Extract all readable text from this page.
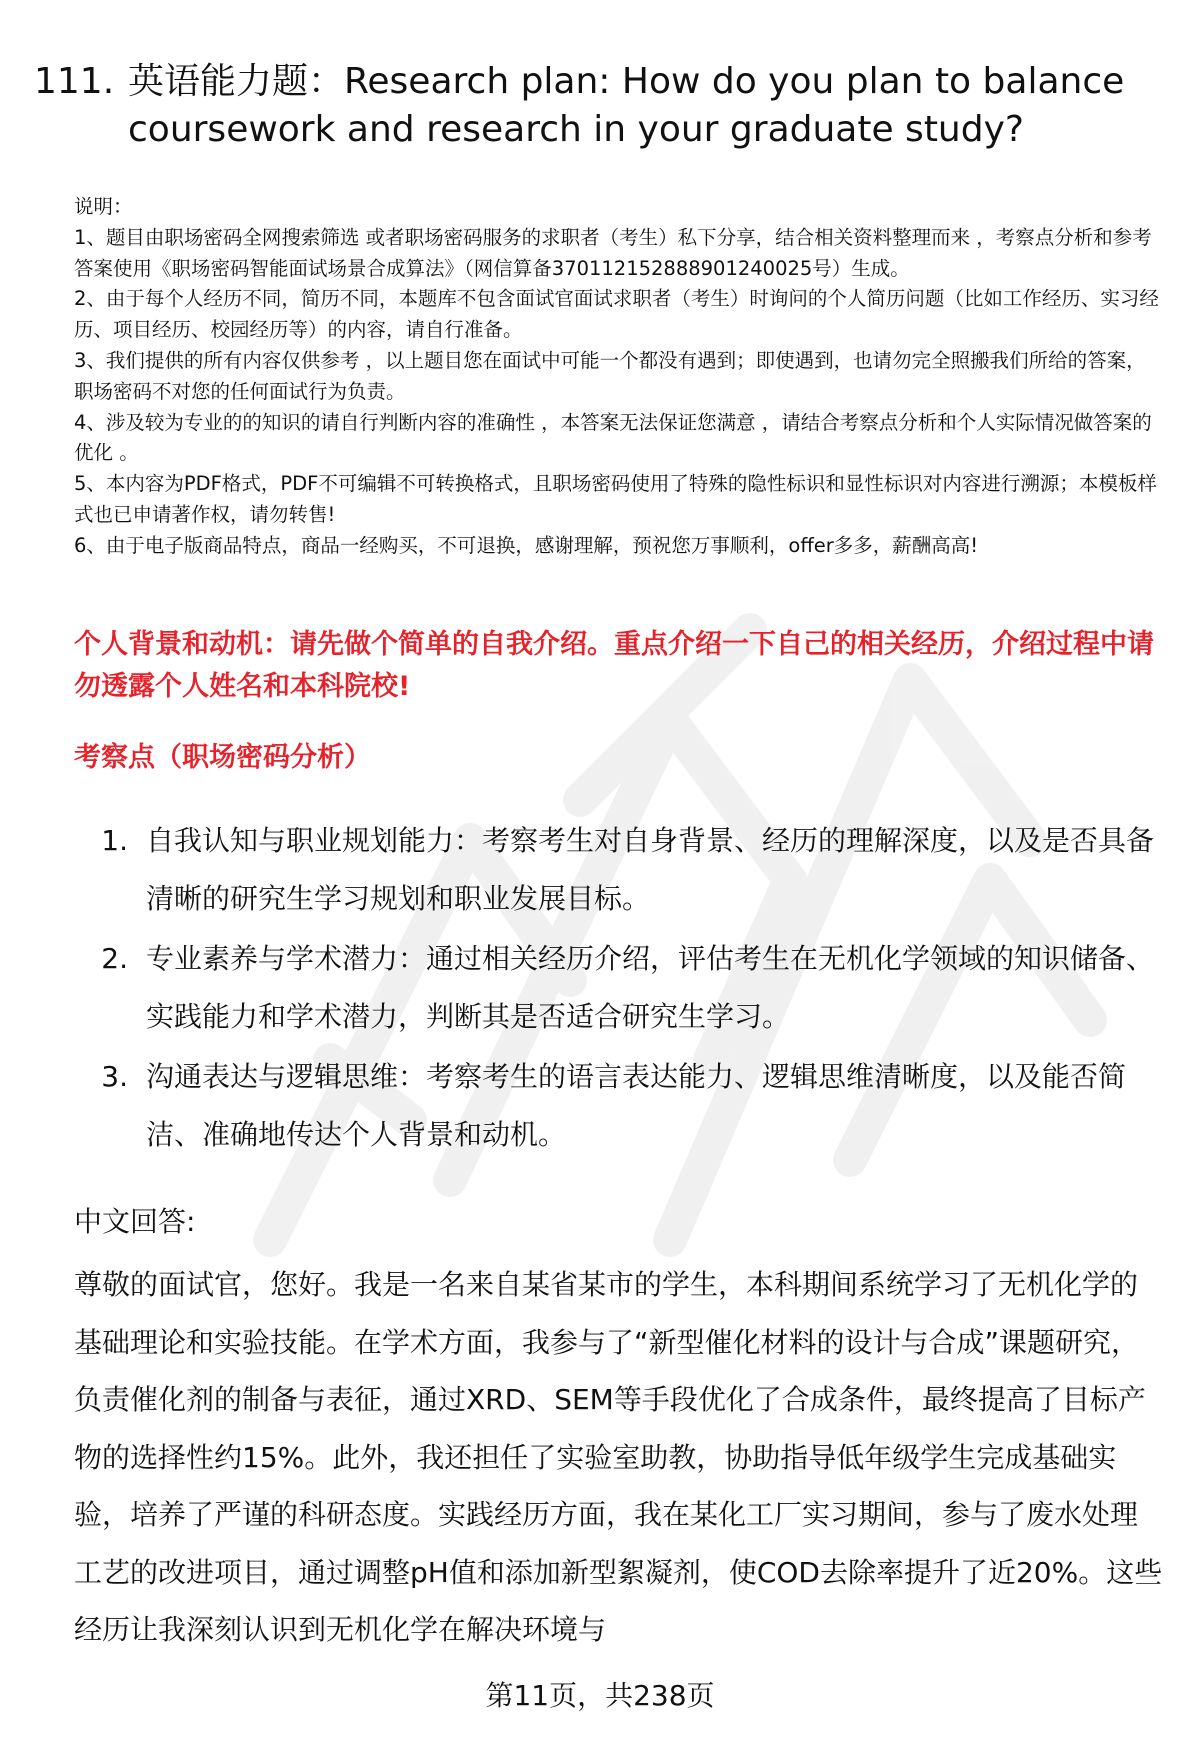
111. 英语能力题：Research plan: How do you plan to balance coursework and research in your graduate study?

说明：

1、题目由职场密码全网搜索筛选 或者职场密码服务的求职者（考生）私下分享，结合相关资料整理而来 ，考察点分析和参考答案使用《职场密码智能面试场景合成算法》（网信算备370112152888901240025号）生成。

2、由于每个人经历不同，简历不同，本题库不包含面试官面试求职者（考生）时询问的个人简历问题（比如工作经历、实习经历、项目经历、校园经历等）的内容，请自行准备。

3、我们提供的所有内容仅供参考 ，以上题目您在面试中可能一个都没有遇到；即使遇到，也请勿完全照搬我们所给的答案，职场密码不对您的任何面试行为负责。

4、涉及较为专业的的知识的请自行判断内容的准确性 ，本答案无法保证您满意 ，请结合考察点分析和个人实际情况做答案的优化 。

5、本内容为PDF格式，PDF不可编辑不可转换格式，且职场密码使用了特殊的隐性标识和显性标识对内容进行溯源；本模板样式也已申请著作权，请勿转售!

6、由于电子版商品特点，商品一经购买，不可退换，感谢理解，预祝您万事顺利，offer多多，薪酬高高!

个人背景和动机：请先做个简单的自我介绍。重点介绍一下自己的相关经历，介绍过程中请勿透露个人姓名和本科院校!
考察点（职场密码分析）
1. 自我认知与职业规划能力：考察考生对自身背景、经历的理解深度，以及是否具备清晰的研究生学习规划和职业发展目标。
2. 专业素养与学术潜力：通过相关经历介绍，评估考生在无机化学领域的知识储备、实践能力和学术潜力，判断其是否适合研究生学习。
3. 沟通表达与逻辑思维：考察考生的语言表达能力、逻辑思维清晰度，以及能否简洁、准确地传达个人背景和动机。
中文回答:

尊敬的面试官，您好。我是一名来自某省某市的学生，本科期间系统学习了无机化学的基础理论和实验技能。在学术方面，我参与了“新型催化材料的设计与合成”课题研究，负责催化剂的制备与表征，通过XRD、SEM等手段优化了合成条件，最终提高了目标产物的选择性约15%。此外，我还担任了实验室助教，协助指导低年级学生完成基础实验，培养了严谨的科研态度。实践经历方面，我在某化工厂实习期间，参与了废水处理工艺的改进项目，通过调整pH值和添加新型絮凝剂，使COD去除率提升了近20%。这些经历让我深刻认识到无机化学在解决环境与

第11页，共238页
